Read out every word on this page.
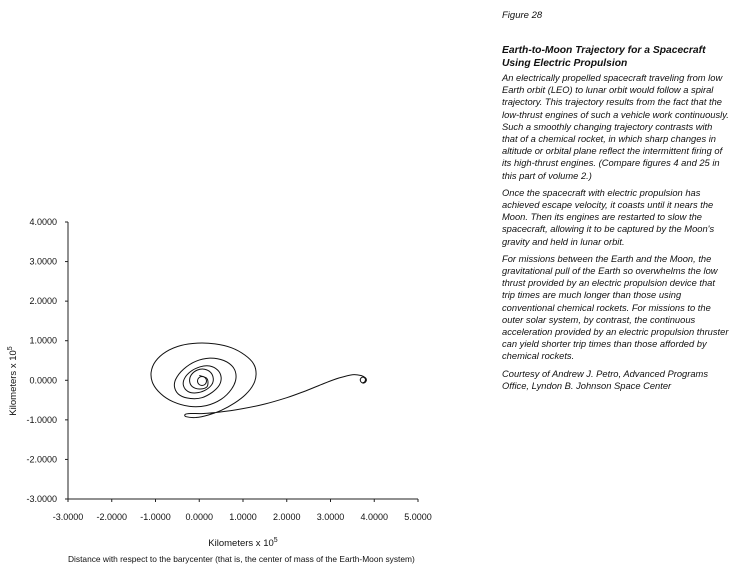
4.0000
3.0000
2.0000
1.0000
0.0000
-1.0000
-2.0000
-3.0000
-3.0000 -2.0000 -1.0000 0.0000 1.0000 2.0000 3.0000 4.0000 5.0000
Kilometers x $10^5$
Kilometers x $10^5$
Distance with respect to the barycenter (that is, the center of mass of the Earth-Moon system)
Figure 28
Earth-to-Moon Trajectory for a Spacecraft Using Electric Propulsion

An electrically propelled spacecraft traveling from low Earth orbit (LEO) to lunar orbit would follow a spiral trajectory. This trajectory results from the fact that the low-thrust engines of such a vehicle work continuously. Such a smoothly changing trajectory contrasts with that of a chemical rocket, in which sharp changes in altitude or orbital plane reflect the intermittent firing of its high-thrust engines. (Compare figures 4 and 25 in this part of volume 2.)

Once the spacecraft with electric propulsion has achieved escape velocity, it coasts until it nears the Moon. Then its engines are restarted to slow the spacecraft, allowing it to be captured by the Moon's gravity and held in lunar orbit.

For missions between the Earth and the Moon, the gravitational pull of the Earth so overwhelms the low thrust provided by an electric propulsion device that trip times are much longer than those using conventional chemical rockets. For missions to the outer solar system, by contrast, the continuous acceleration provided by an electric propulsion thruster can yield shorter trip times than those afforded by chemical rockets.

Courtesy of Andrew J. Petro, Advanced Programs Office, Lyndon B. Johnson Space Center
